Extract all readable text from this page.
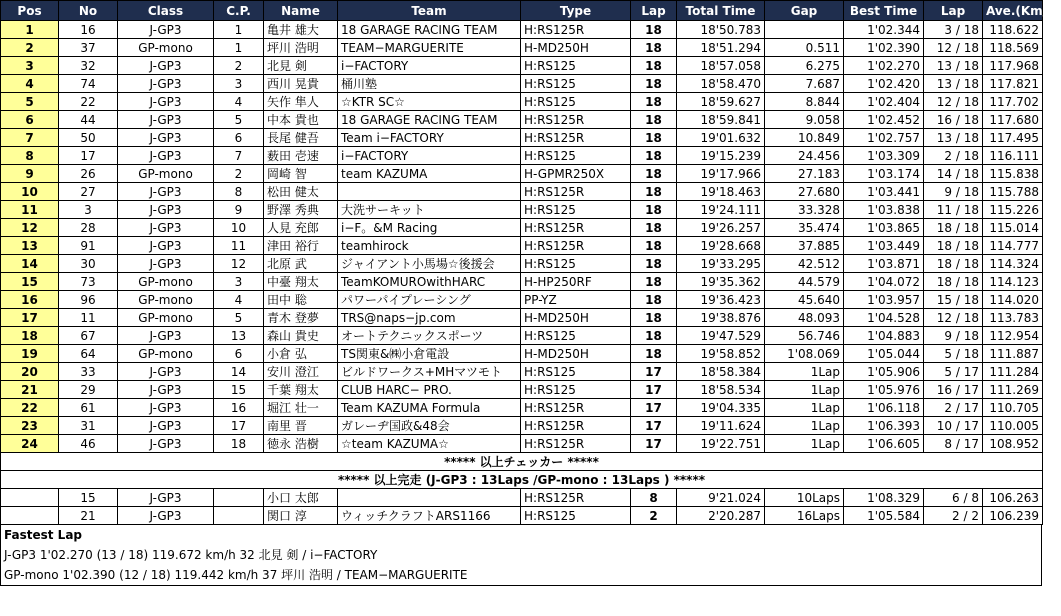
Pos	No	Class	C.P.	Name	Team	Type	Lap	Total Time	Gap	Best Time	Lap	Ave.(Km/h)
1	16	J-GP3	1	亀井 雄大	18 GARAGE RACING TEAM	H:RS125R	18	18'50.783		1'02.344	3 / 18	118.622
2	37	GP-mono	1	坪川 浩明	TEAM−MARGUERITE	H-MD250H	18	18'51.294	0.511	1'02.390	12 / 18	118.569
3	32	J-GP3	2	北見 剣	i−FACTORY	H:RS125	18	18'57.058	6.275	1'02.270	13 / 18	117.968
4	74	J-GP3	3	西川 晃貴	桶川塾	H:RS125	18	18'58.470	7.687	1'02.420	13 / 18	117.821
5	22	J-GP3	4	矢作 隼人	☆KTR SC☆	H:RS125	18	18'59.627	8.844	1'02.404	12 / 18	117.702
6	44	J-GP3	5	中本 貴也	18 GARAGE RACING TEAM	H:RS125R	18	18'59.841	9.058	1'02.452	16 / 18	117.680
7	50	J-GP3	6	長尾 健吾	Team i−FACTORY	H:RS125R	18	19'01.632	10.849	1'02.757	13 / 18	117.495
8	17	J-GP3	7	薮田 壱速	i−FACTORY	H:RS125	18	19'15.239	24.456	1'03.309	2 / 18	116.111
9	26	GP-mono	2	岡崎 智	team KAZUMA	H-GPMR250X	18	19'17.966	27.183	1'03.174	14 / 18	115.838
10	27	J-GP3	8	松田 健太		H:RS125R	18	19'18.463	27.680	1'03.441	9 / 18	115.788
11	3	J-GP3	9	野澤 秀典	大洗サーキット	H:RS125	18	19'24.111	33.328	1'03.838	11 / 18	115.226
12	28	J-GP3	10	人見 充郎	i−F。&M Racing	H:RS125R	18	19'26.257	35.474	1'03.865	18 / 18	115.014
13	91	J-GP3	11	津田 裕行	teamhirock	H:RS125R	18	19'28.668	37.885	1'03.449	18 / 18	114.777
14	30	J-GP3	12	北原 武	ジャイアント小馬場☆後援会	H:RS125	18	19'33.295	42.512	1'03.871	18 / 18	114.324
15	73	GP-mono	3	中臺 翔太	TeamKOMUROwithHARC	H-HP250RF	18	19'35.362	44.579	1'04.072	18 / 18	114.123
16	96	GP-mono	4	田中 聡	パワーパイプレーシング	PP-YZ	18	19'36.423	45.640	1'03.957	15 / 18	114.020
17	11	GP-mono	5	青木 登夢	TRS@naps−jp.com	H-MD250H	18	19'38.876	48.093	1'04.528	12 / 18	113.783
18	67	J-GP3	13	森山 貴史	オートテクニックスポーツ	H:RS125	18	19'47.529	56.746	1'04.883	9 / 18	112.954
19	64	GP-mono	6	小倉 弘	TS関東&㈱小倉電設	H-MD250H	18	19'58.852	1'08.069	1'05.044	5 / 18	111.887
20	33	J-GP3	14	安川 澄江	ビルドワークス+MHマツモト	H:RS125	17	18'58.384	1Lap	1'05.906	5 / 17	111.284
21	29	J-GP3	15	千葉 翔太	CLUB HARC− PRO.	H:RS125	17	18'58.534	1Lap	1'05.976	16 / 17	111.269
22	61	J-GP3	16	堀江 壮一	Team KAZUMA Formula	H:RS125R	17	19'04.335	1Lap	1'06.118	2 / 17	110.705
23	31	J-GP3	17	南里 晋	ガレーヂ国政&48会	H:RS125R	17	19'11.624	1Lap	1'06.393	10 / 17	110.005
24	46	J-GP3	18	徳永 浩樹	☆team KAZUMA☆	H:RS125R	17	19'22.751	1Lap	1'06.605	8 / 17	108.952
***** 以上チェッカー *****												
***** 以上完走 (J-GP3 : 13Laps /GP-mono : 13Laps ) *****												
	15	J-GP3		小口 太郎		H:RS125R	8	9'21.024	10Laps	1'08.329	6 / 8	106.263
	21	J-GP3		関口 淳	ウィッチクラフトARS1166	H:RS125	2	2'20.287	16Laps	1'05.584	2 / 2	106.239
Fastest Lap
J-GP3 1'02.270 (13 / 18) 119.672 km/h 32 北見 剣 / i−FACTORY
GP-mono 1'02.390 (12 / 18) 119.442 km/h 37 坪川 浩明 / TEAM−MARGUERITE
